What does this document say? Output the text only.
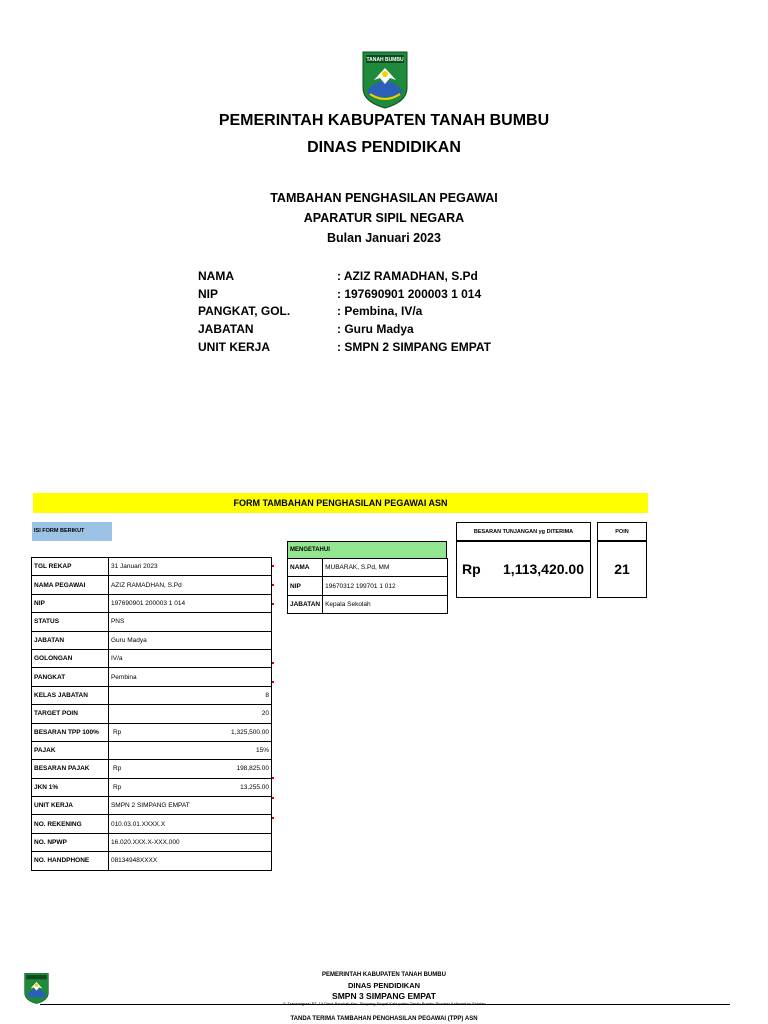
TANAH BUMBU
PEMERINTAH KABUPATEN TANAH BUMBU
DINAS PENDIDIKAN
TAMBAHAN PENGHASILAN PEGAWAI
APARATUR SIPIL NEGARA
Bulan Januari 2023
NAMA	: AZIZ RAMADHAN, S.Pd
NIP	: 197690901 200003 1 014
PANGKAT, GOL.	: Pembina, IV/a
JABATAN	: Guru Madya
UNIT KERJA	: SMPN 2 SIMPANG EMPAT
FORM TAMBAHAN PENGHASILAN PEGAWAI ASN
ISI FORM BERIKUT
TGL REKAP	31 Januari 2023
NAMA PEGAWAI	AZIZ RAMADHAN, S.Pd
NIP	197690901 200003 1 014
STATUS	PNS
JABATAN	Guru Madya
GOLONGAN	IV/a
PANGKAT	Pembina
KELAS JABATAN	8
TARGET POIN	20
BESARAN TPP 100%	Rp 1,325,500.00

PAJAK	15%
BESARAN PAJAK	Rp 198,825.00

JKN 1%	Rp 13,255.00

UNIT KERJA	SMPN 2 SIMPANG EMPAT
NO. REKENING	010.03.01.XXXX.X
NO. NPWP	16.020.XXX.X-XXX.000
NO. HANDPHONE	08134948XXXX
MENGETAHUI
NAMA	MUBARAK, S.Pd, MM
NIP	19670312 199701 1 012
JABATAN	Kepala Sekolah
BESARAN TUNJANGAN yg DITERIMA
Rp 1,113,420.00
POIN
21
PEMERINTAH KABUPATEN TANAH BUMBU
DINAS PENDIDIKAN
SMPN 3 SIMPANG EMPAT
Jl. Transmigrasi RT. 10 Desa Barokah Kec. Simpang Empat Kabupaten Tanah Bumbu Provinsi Kalimantan Selatan
TANDA TERIMA TAMBAHAN PENGHASILAN PEGAWAI (TPP) ASN
